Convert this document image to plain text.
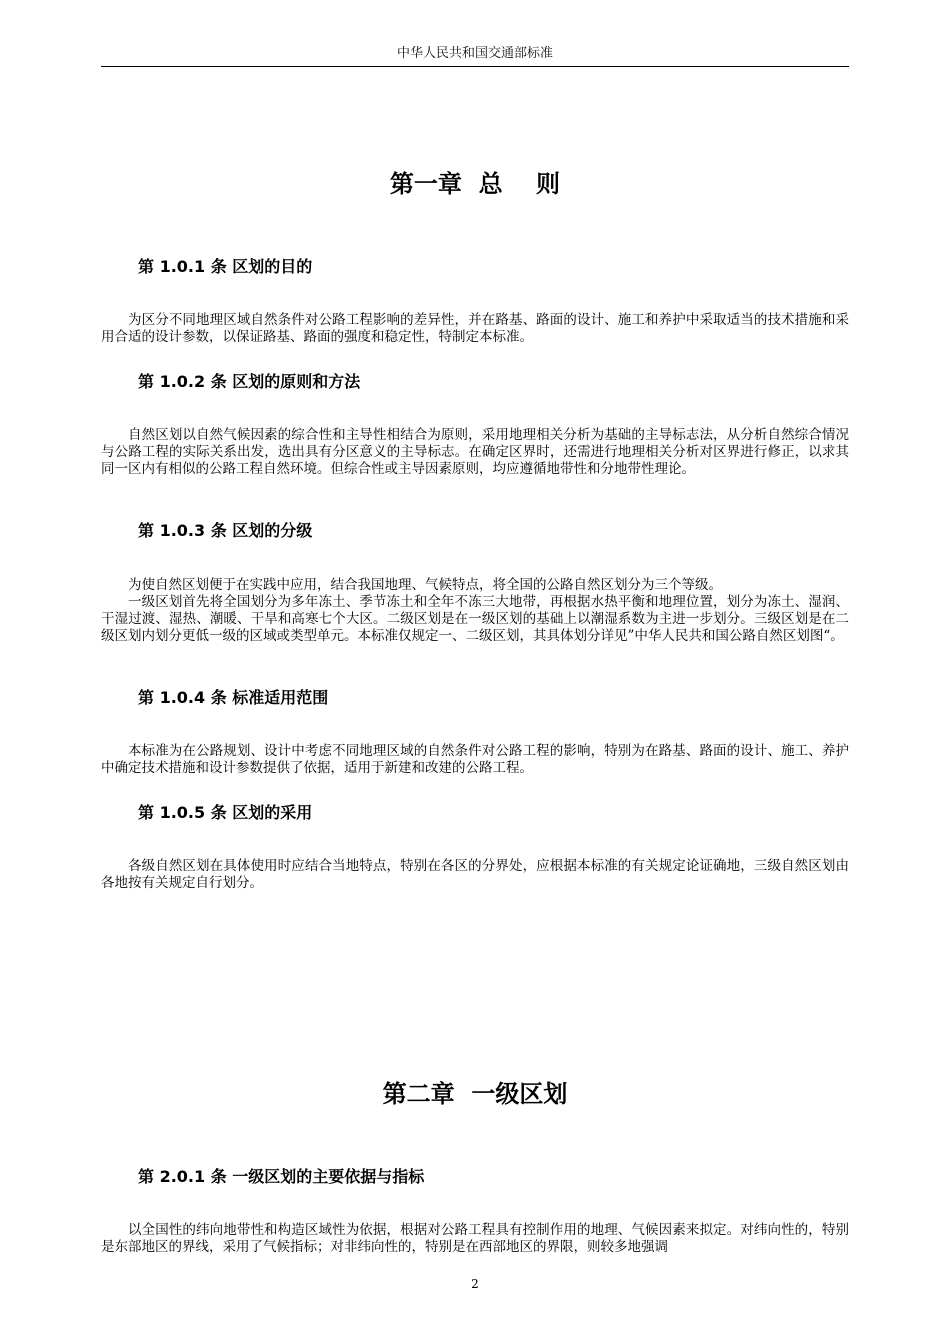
中华人民共和国交通部标准
第一章  总    则
第 1.0.1 条 区划的目的
为区分不同地理区域自然条件对公路工程影响的差异性，并在路基、路面的设计、施工和养护中采取适当的技术措施和采用合适的设计参数，以保证路基、路面的强度和稳定性，特制定本标准。
第 1.0.2 条 区划的原则和方法
自然区划以自然气候因素的综合性和主导性相结合为原则，采用地理相关分析为基础的主导标志法，从分析自然综合情况与公路工程的实际关系出发，选出具有分区意义的主导标志。在确定区界时，还需进行地理相关分析对区界进行修正，以求其同一区内有相似的公路工程自然环境。但综合性或主导因素原则，均应遵循地带性和分地带性理论。
第 1.0.3 条 区划的分级
为使自然区划便于在实践中应用，结合我国地理、气候特点，将全国的公路自然区划分为三个等级。
一级区划首先将全国划分为多年冻土、季节冻土和全年不冻三大地带，再根据水热平衡和地理位置，划分为冻土、湿润、干湿过渡、湿热、潮暖、干旱和高寒七个大区。二级区划是在一级区划的基础上以潮湿系数为主进一步划分。三级区划是在二级区划内划分更低一级的区域或类型单元。本标准仅规定一、二级区划，其具体划分详见”中华人民共和国公路自然区划图“。
第 1.0.4 条 标准适用范围
本标准为在公路规划、设计中考虑不同地理区域的自然条件对公路工程的影响，特别为在路基、路面的设计、施工、养护中确定技术措施和设计参数提供了依据，适用于新建和改建的公路工程。
第 1.0.5 条 区划的采用
各级自然区划在具体使用时应结合当地特点，特别在各区的分界处，应根据本标准的有关规定论证确地，三级自然区划由各地按有关规定自行划分。
第二章  一级区划
第 2.0.1 条 一级区划的主要依据与指标
以全国性的纬向地带性和构造区域性为依据，根据对公路工程具有控制作用的地理、气候因素来拟定。对纬向性的，特别是东部地区的界线，采用了气候指标；对非纬向性的，特别是在西部地区的界限，则较多地强调
2
